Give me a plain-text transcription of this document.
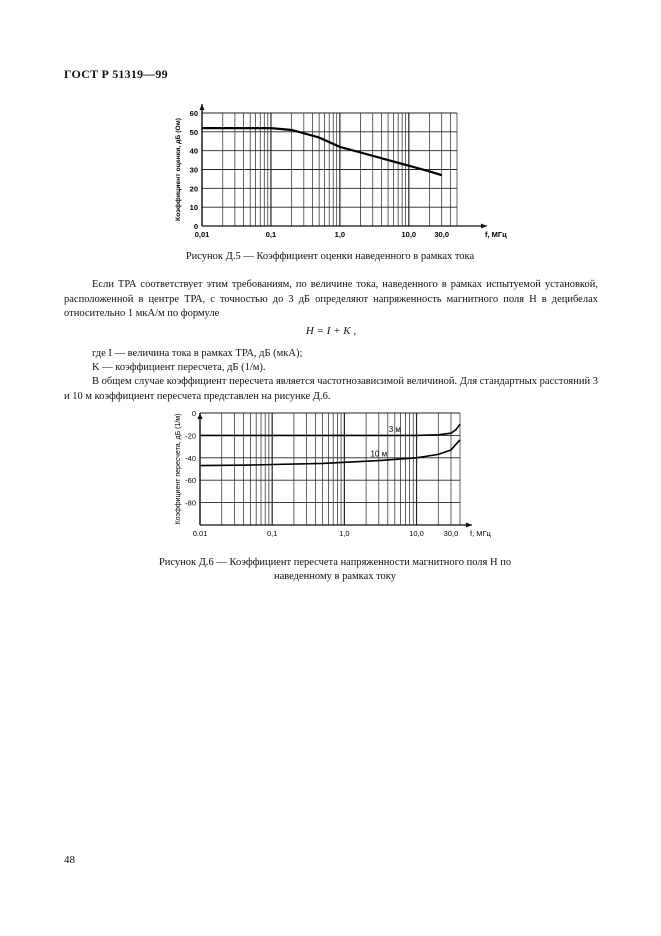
ГОСТ Р 51319—99
0
10
20
30
40
50
60
0,01	0,1	1,0	10,0 30,0	f, МГц
Коэффициент оценки, дБ (Ом)
Рисунок Д.5 — Коэффициент оценки наведенного в рамках тока
Если ТРА соответствует этим требованиям, по величине тока, наведенного в рамках испытуемой установкой, расположенной в центре ТРА, с точностью до 3 дБ определяют напряженность магнитного поля H в децибелах относительно 1 мкА/м по формуле
H = I + K ,
где I — величина тока в рамках ТРА, дБ (мкА);
K — коэффициент пересчета, дБ (1/м).
В общем случае коэффициент пересчета является частотнозависимой величиной. Для стандартных расстояний 3 и 10 м коэффициент пересчета представлен на рисунке Д.6.
0
-20
-40
-60
-80
0.01	0,1	1,0	10,0	30,0 f, МГц
Коэффициент пересчета, дБ (1/м)	3 м
10 м
Рисунок Д.6 — Коэффициент пересчета напряженности магнитного поля H по наведенному в рамках току
48
